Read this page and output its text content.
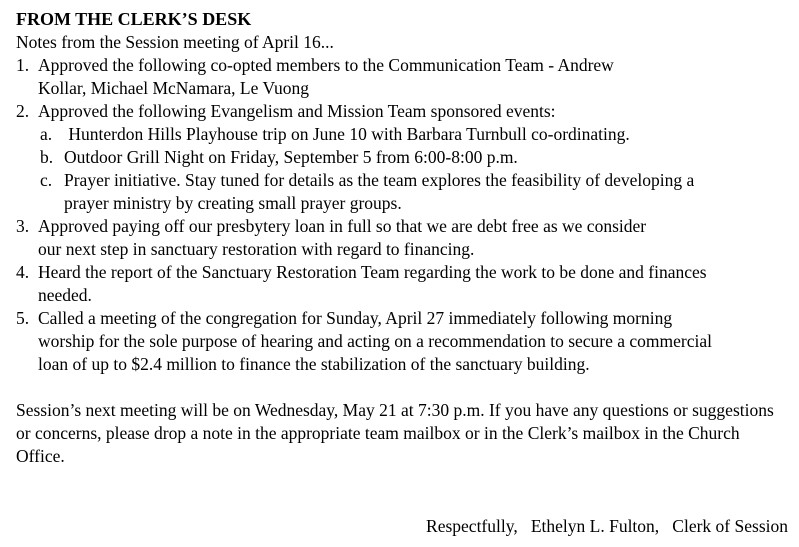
FROM THE CLERK’S DESK
Notes from the Session meeting of April 16...
1. Approved the following co-opted members to the Communication Team - Andrew Kollar, Michael McNamara, Le Vuong
2. Approved the following Evangelism and Mission Team sponsored events:
a. Hunterdon Hills Playhouse trip on June 10 with Barbara Turnbull co-ordinating.
b. Outdoor Grill Night on Friday, September 5 from 6:00-8:00 p.m.
c. Prayer initiative. Stay tuned for details as the team explores the feasibility of developing a prayer ministry by creating small prayer groups.
3. Approved paying off our presbytery loan in full so that we are debt free as we consider our next step in sanctuary restoration with regard to financing.
4. Heard the report of the Sanctuary Restoration Team regarding the work to be done and finances needed.
5. Called a meeting of the congregation for Sunday, April 27 immediately following morning worship for the sole purpose of hearing and acting on a recommendation to secure a commercial loan of up to $2.4 million to finance the stabilization of the sanctuary building.

Session’s next meeting will be on Wednesday, May 21 at 7:30 p.m. If you have any questions or suggestions or concerns, please drop a note in the appropriate team mailbox or in the Clerk’s mailbox in the Church Office.

Respectfully,   Ethelyn L. Fulton,   Clerk of Session
